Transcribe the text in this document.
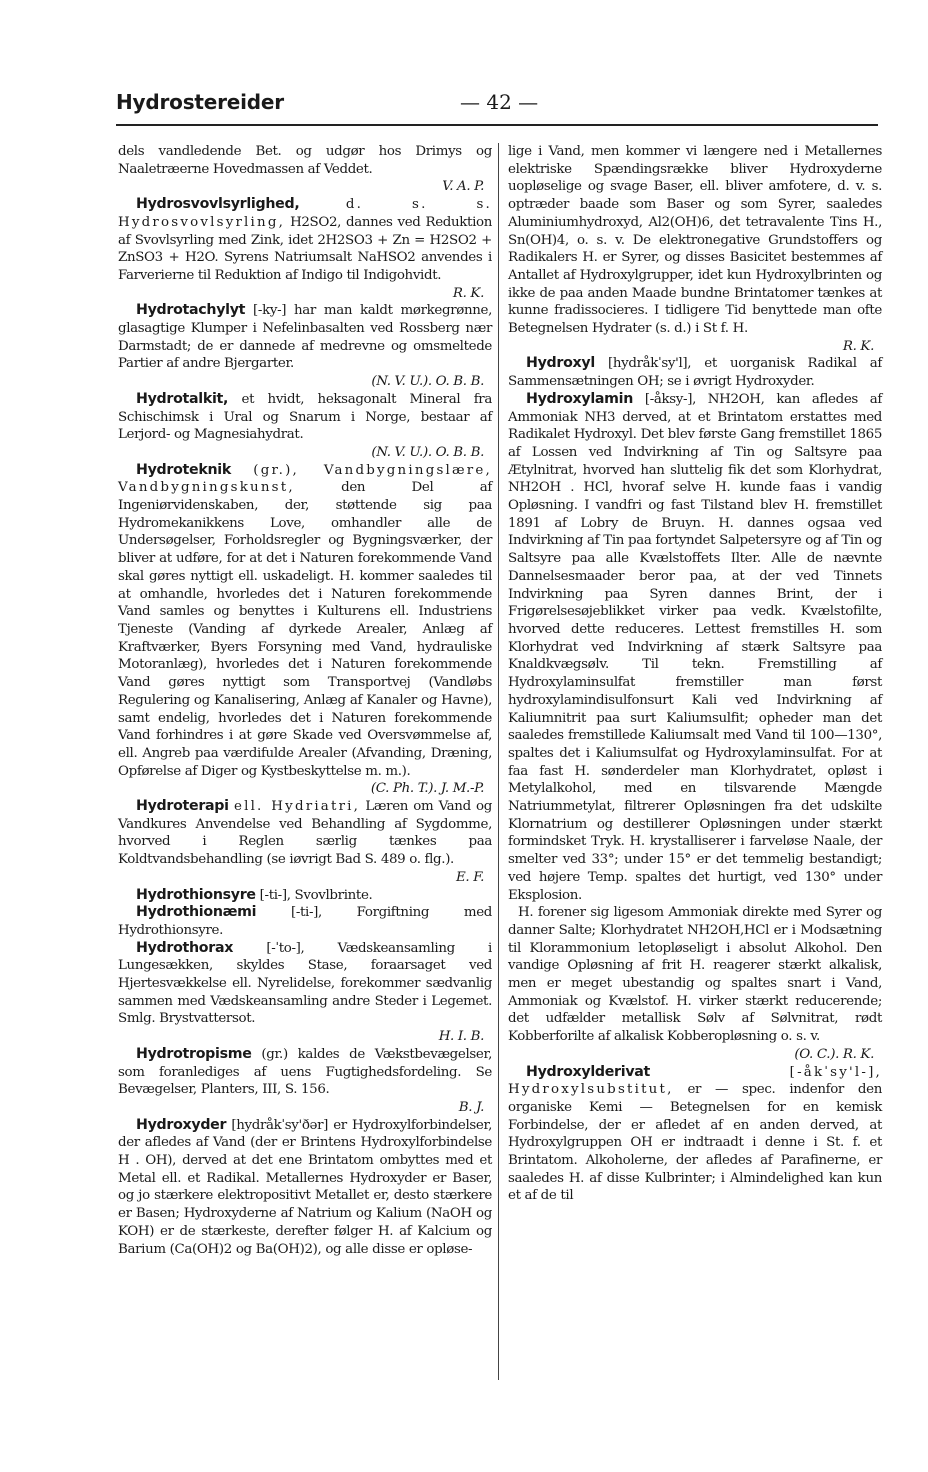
Hydrostereider	— 42 —

dels vandledende Bet. og udgør hos Drimys og Naaletræerne Hovedmassen af Veddet.
V. A. P.

Hydrosvovlsyrlighed,	d. s. s. Hydrosvovlsyrling, H2SO2, dannes ved Reduktion af Svovlsyrling med Zink, idet 2H2SO3 + Zn = H2SO2 + ZnSO3 + H2O. Syrens Natriumsalt NaHSO2 anvendes i Farverierne til Reduktion af Indigo til Indigohvidt.
R. K.

Hydrotachylyt [-ky-] har man kaldt mørkegrønne, glasagtige Klumper i Nefelinbasalten ved Rossberg nær Darmstadt; de er dannede af medrevne og omsmeltede Partier af andre Bjergarter.
(N. V. U.). O. B. B.

Hydrotalkit, et hvidt, heksagonalt Mineral fra Schischimsk i Ural og Snarum i Norge, bestaar af Lerjord- og Magnesiahydrat.
(N. V. U.). O. B. B.

Hydroteknik (gr.), Vandbygningslære, Vandbygningskunst,	den Del af Ingeniørvidenskaben, der, støttende sig paa Hydromekanikkens Love, omhandler alle de Undersøgelser, Forholdsregler og Bygningsværker, der bliver at udføre, for at det i Naturen forekommende Vand skal gøres nyttigt ell. uskadeligt. H. kommer saaledes til at omhandle, hvorledes det i Naturen forekommende Vand samles og benyttes i Kulturens ell. Industriens Tjeneste (Vanding af dyrkede Arealer, Anlæg af Kraftværker, Byers Forsyning med Vand, hydrauliske Motoranlæg), hvorledes det i Naturen forekommende Vand gøres nyttigt som Transportvej (Vandløbs Regulering og Kanalisering, Anlæg af Kanaler og Havne), samt endelig, hvorledes det i Naturen forekommende Vand forhindres i at gøre Skade ved Oversvømmelse af, ell. Angreb paa værdifulde Arealer (Afvanding, Dræning, Opførelse af Diger og Kystbeskyttelse m. m.).
(C. Ph. T.). J. M.-P.

Hydroterapi ell. Hydriatri, Læren om Vand og Vandkures Anvendelse ved Behandling af Sygdomme, hvorved i Reglen særlig tænkes paa Koldtvandsbehandling (se iøvrigt Bad S. 489 o. flg.).
E. F.

Hydrothionsyre [-ti-], Svovlbrinte.

Hydrothionæmi	[-ti-], Forgiftning med Hydrothionsyre.

Hydrothorax [-ˈto-], Vædskeansamling i Lungesækken, skyldes Stase, foraarsaget ved Hjertesvækkelse ell. Nyrelidelse, forekommer sædvanlig sammen med Vædskeansamling andre Steder i Legemet. Smlg. Brystvattersot.
H. I. B.

Hydrotropisme (gr.) kaldes de Vækstbevægelser, som foranlediges af uens Fugtighedsfordeling. Se Bevægelser, Planters, III, S. 156.
B. J.

Hydroxyder [hydråkˈsy'ðər] er Hydroxylforbindelser, der afledes af Vand (der er Brintens Hydroxylforbindelse H . OH), derved at det ene Brintatom ombyttes med et Metal ell. et Radikal. Metallernes Hydroxyder er Baser, og jo stærkere elektropositivt Metallet er, desto stærkere er Basen; Hydroxyderne af Natrium og Kalium (NaOH og KOH) er de stærkeste, derefter følger H. af Kalcium og Barium (Ca(OH)2 og Ba(OH)2), og alle disse er opløse-

lige i Vand, men kommer vi længere ned i Metallernes elektriske Spændingsrække bliver Hydroxyderne uopløselige og svage Baser, ell. bliver amfotere, d. v. s. optræder baade som Baser og som Syrer, saaledes Aluminiumhydroxyd, Al2(OH)6, det tetravalente Tins H., Sn(OH)4, o. s. v. De elektronegative Grundstoffers og Radikalers H. er Syrer, og disses Basicitet bestemmes af Antallet af Hydroxylgrupper, idet kun Hydroxylbrinten og ikke de paa anden Maade bundne Brintatomer tænkes at kunne fradissocieres. I tidligere Tid benyttede man ofte Betegnelsen Hydrater (s. d.) i St f. H.
R. K.

Hydroxyl [hydråkˈsy'l], et uorganisk Radikal af Sammensætningen OH; se i øvrigt Hydroxyder.

Hydroxylamin [-åksy-], NH2OH, kan afledes af Ammoniak NH3 derved, at et Brintatom erstattes med Radikalet Hydroxyl. Det blev første Gang fremstillet 1865 af Lossen ved Indvirkning af Tin og Saltsyre paa Ætylnitrat, hvorved han sluttelig fik det som Klorhydrat, NH2OH . HCl, hvoraf selve H. kunde faas i vandig Opløsning. I vandfri og fast Tilstand blev H. fremstillet 1891 af Lobry de Bruyn. H. dannes ogsaa ved Indvirkning af Tin paa fortyndet Salpetersyre og af Tin og Saltsyre paa alle Kvælstoffets Ilter. Alle de nævnte Dannelsesmaader beror paa, at der ved Tinnets Indvirkning paa Syren dannes Brint, der i Frigørelsesøjeblikket virker paa vedk. Kvælstofilte, hvorved dette reduceres. Lettest fremstilles H. som Klorhydrat ved Indvirkning af stærk Saltsyre paa Knaldkvægsølv. Til tekn. Fremstilling af Hydroxylaminsulfat fremstiller man først hydroxylamindisulfonsurt Kali ved Indvirkning af Kaliumnitrit paa surt Kaliumsulfit; opheder man det saaledes fremstillede Kaliumsalt med Vand til 100—130°, spaltes det i Kaliumsulfat og Hydroxylaminsulfat. For at faa fast H. sønderdeler man Klorhydratet, opløst i Metylalkohol, med en tilsvarende Mængde Natriummetylat, filtrerer Opløsningen fra det udskilte Klornatrium og destillerer Opløsningen under stærkt formindsket Tryk. H. krystalliserer i farveløse Naale, der smelter ved 33°; under 15° er det temmelig bestandigt; ved højere Temp. spaltes det hurtigt, ved 130° under Eksplosion.

H. forener sig ligesom Ammoniak direkte med Syrer og danner Salte; Klorhydratet NH2OH,HCl er i Modsætning til Klorammonium letopløseligt i absolut Alkohol. Den vandige Opløsning af frit H. reagerer stærkt alkalisk, men er meget ubestandig og spaltes snart i Vand, Ammoniak og Kvælstof. H. virker stærkt reducerende; det udfælder metallisk Sølv af Sølvnitrat, rødt Kobberforilte af alkalisk Kobberopløsning o. s. v.
(O. C.). R. K.

Hydroxylderivat	[-åkˈsy'l-], Hydroxylsubstitut, er — spec. indenfor den organiske Kemi — Betegnelsen for en kemisk Forbindelse, der er afledet af en anden derved, at Hydroxylgruppen OH er indtraadt i denne i St. f. et Brintatom. Alkoholerne, der afledes af Parafinerne, er saaledes H. af disse Kulbrinter; i Almindelighed kan kun et af de til
